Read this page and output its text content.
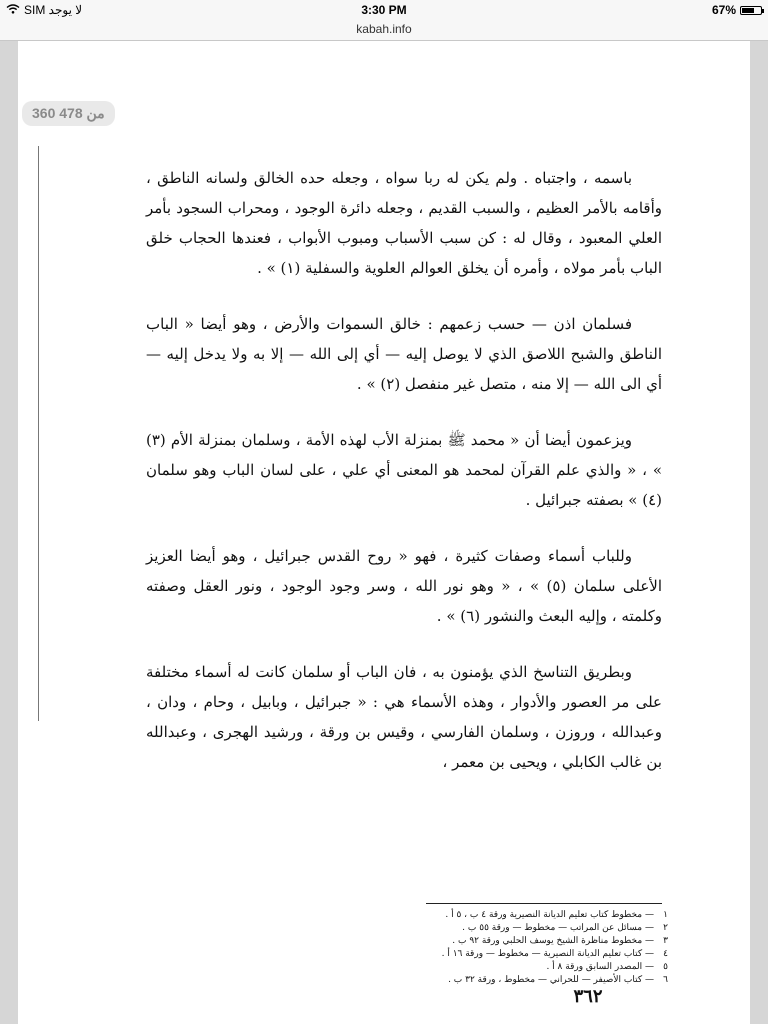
لا يوجد SIM	3:30 PM	67%
kabah.info

باسمه ، واجتباه . ولم يكن له ربا سواه ، وجعله حده الخالق ولسانه الناطق ، وأقامه بالأمر العظيم ، والسبب القديم ، وجعله دائرة الوجود ، ومحراب السجود بأمر العلي المعبود ، وقال له : كن سبب الأسباب ومبوب الأبواب ، فعندها الحجاب خلق الباب بأمر مولاه ، وأمره أن يخلق العوالم العلوية والسفلية (١) » .

فسلمان اذن — حسب زعمهم : خالق السموات والأرض ، وهو أيضا « الباب الناطق والشبح اللاصق الذي لا يوصل إليه — أي إلى الله — إلا به ولا يدخل إليه — أي الى الله — إلا منه ، متصل غير منفصل (٢) » .

ويزعمون أيضا أن « محمد ﷺ بمنزلة الأب لهذه الأمة ، وسلمان بمنزلة الأم (٣) » ، « والذي علم القرآن لمحمد هو المعنى أي علي ، على لسان الباب وهو سلمان (٤) » بصفته جبرائيل .

وللباب أسماء وصفات كثيرة ، فهو « روح القدس جبرائيل ، وهو أيضا العزيز الأعلى سلمان (٥) » ، « وهو نور الله ، وسر وجود الوجود ، ونور العقل وصفته وكلمته ، وإليه البعث والنشور (٦) » .

وبطريق التناسخ الذي يؤمنون به ، فان الباب أو سلمان كانت له أسماء مختلفة على مر العصور والأدوار ، وهذه الأسماء هي : « جبرائيل ، وبابيل ، وحام ، ودان ، وعبدالله ، وروزن ، وسلمان الفارسي ، وقيس بن ورقة ، ورشيد الهجرى ، وعبدالله بن غالب الكابلي ، ويحيى بن معمر ،

١— مخطوط كتاب تعليم الديانة النصيرية ورقة ٤ ب ، ٥ أ .
٢— مسائل عن المراتب — مخطوط — ورقة ٥٥ ب .
٣— مخطوط مناظرة الشيخ يوسف الحلبي ورقة ٩٢ ب .
٤— كتاب تعليم الديانة النصيرية — مخطوط — ورقة ١٦ أ .
٥— المصدر السابق ورقة ٨ أ .
٦— كتاب الأصيفر — للحراني — مخطوط ، ورقة ٣٢ ب .
360 من 478
٣٦٢
